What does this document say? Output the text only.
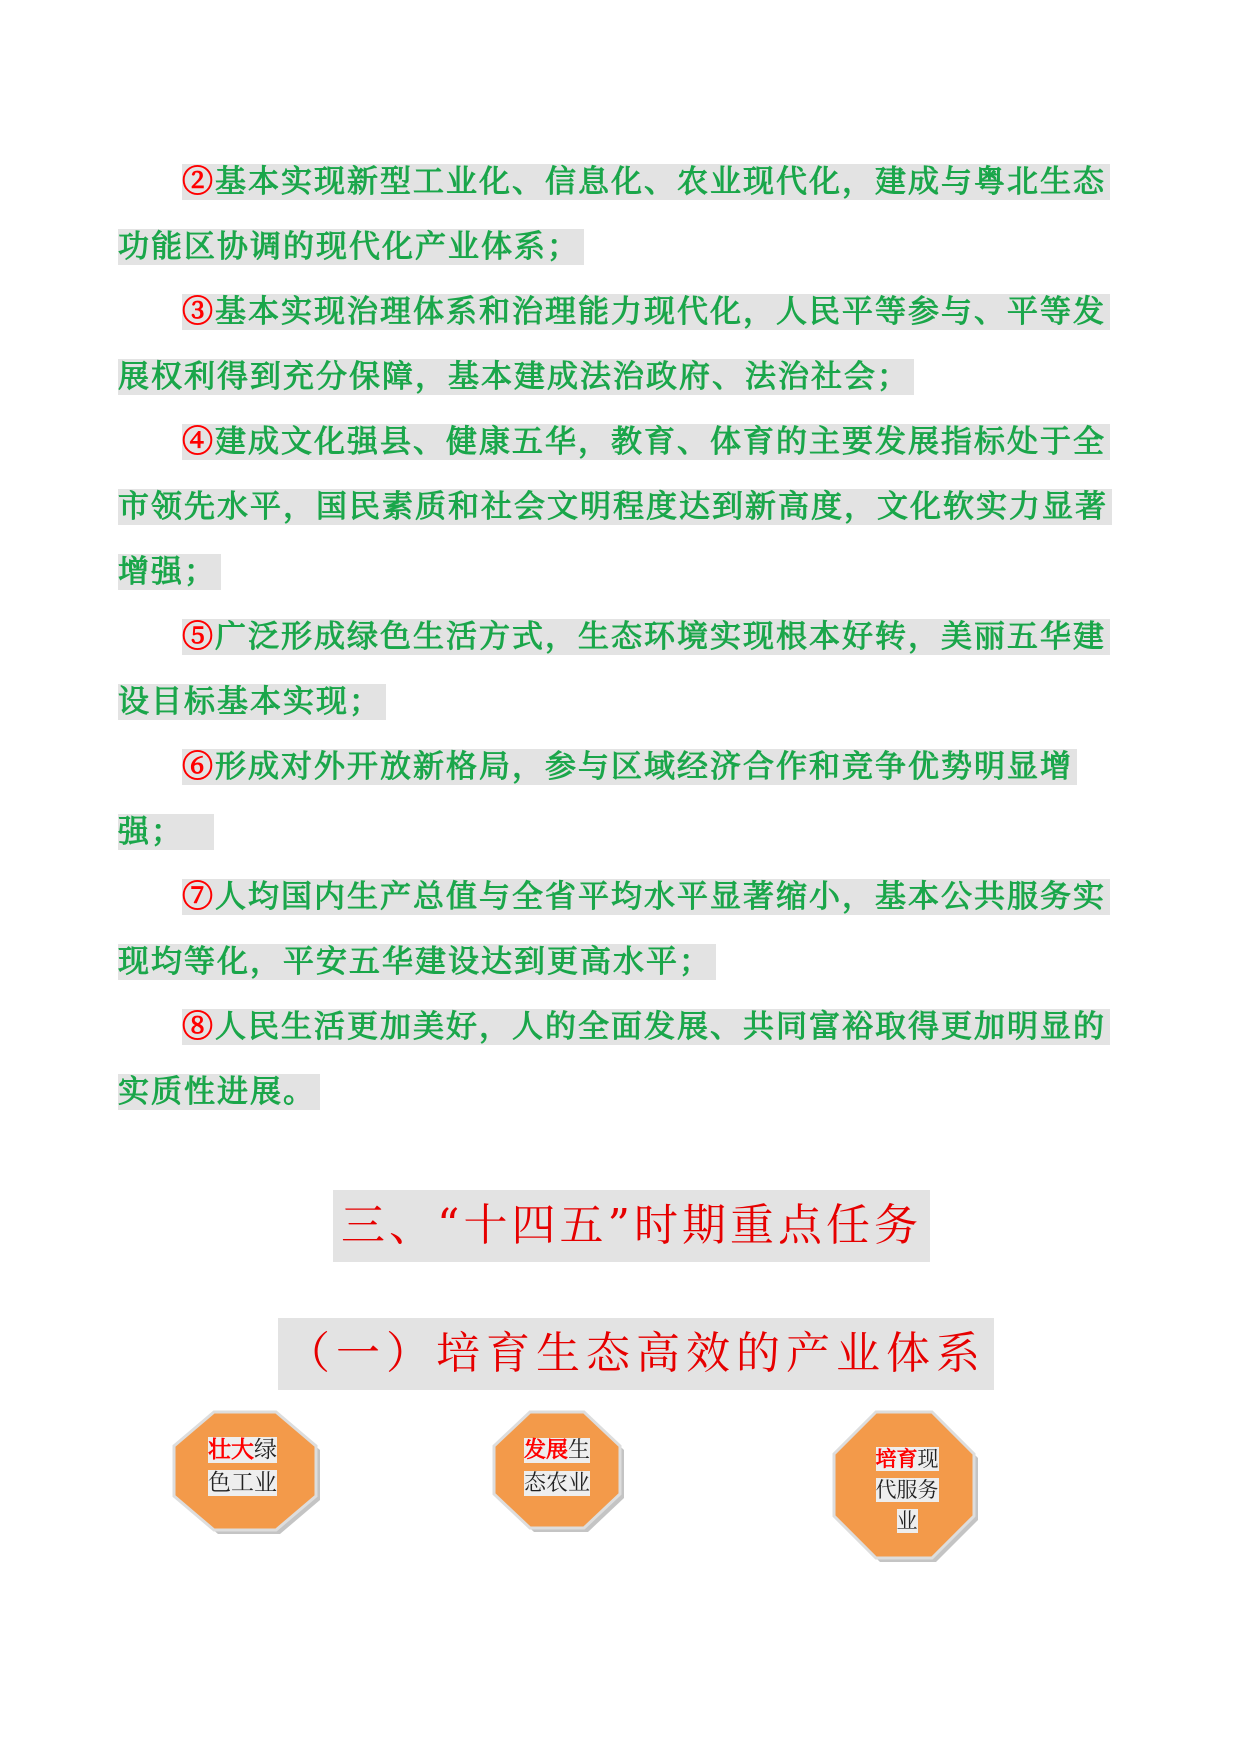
②基本实现新型工业化、信息化、农业现代化，建成与粤北生态
功能区协调的现代化产业体系；
③基本实现治理体系和治理能力现代化，人民平等参与、平等发
展权利得到充分保障，基本建成法治政府、法治社会；
④建成文化强县、健康五华，教育、体育的主要发展指标处于全
市领先水平，国民素质和社会文明程度达到新高度，文化软实力显著
增强；
⑤广泛形成绿色生活方式，生态环境实现根本好转，美丽五华建
设目标基本实现；
⑥形成对外开放新格局，参与区域经济合作和竞争优势明显增
强；
⑦人均国内生产总值与全省平均水平显著缩小，基本公共服务实
现均等化，平安五华建设达到更高水平；
⑧人民生活更加美好，人的全面发展、共同富裕取得更加明显的
实质性进展。
三、“十四五”时期重点任务
（一）培育生态高效的产业体系
壮大绿
色工业
发展生
态农业
培育现
代服务
业
